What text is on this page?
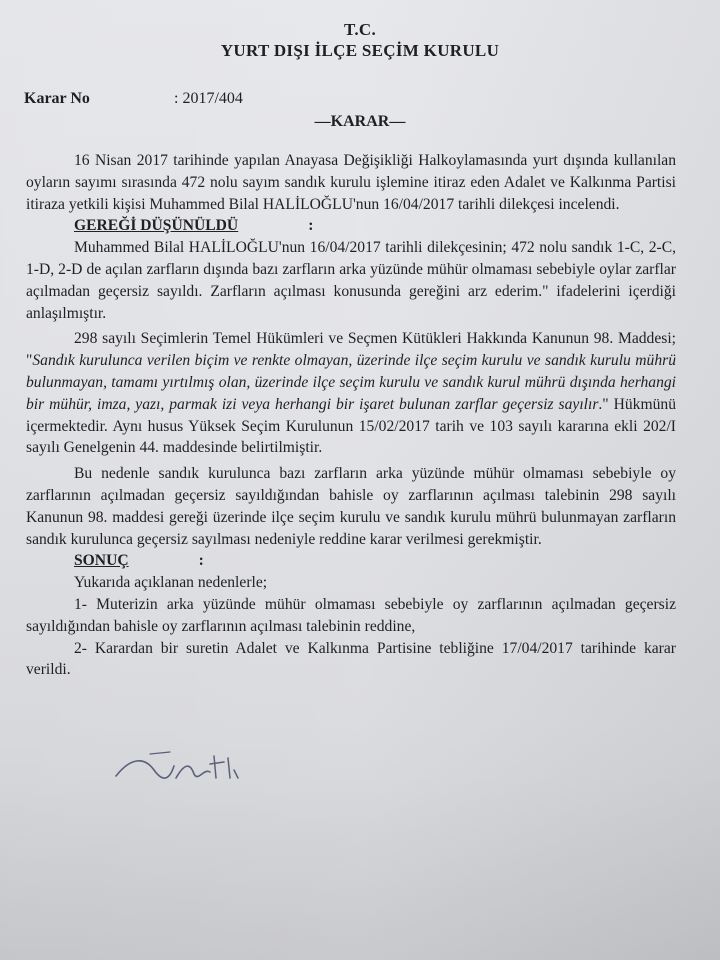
T.C.
YURT DIŞI İLÇE SEÇİM KURULU
Karar No	: 2017/404
—KARAR—

16 Nisan 2017 tarihinde yapılan Anayasa Değişikliği Halkoylamasında yurt dışında kullanılan oyların sayımı sırasında 472 nolu sayım sandık kurulu işlemine itiraz eden Adalet ve Kalkınma Partisi itiraza yetkili kişisi Muhammed Bilal HALİLOĞLU'nun 16/04/2017 tarihli dilekçesi incelendi.

GEREĞİ DÜŞÜNÜLDÜ	:

Muhammed Bilal HALİLOĞLU'nun 16/04/2017 tarihli dilekçesinin; 472 nolu sandık 1-C, 2-C, 1-D, 2-D de açılan zarfların dışında bazı zarfların arka yüzünde mühür olmaması sebebiyle oylar zarflar açılmadan geçersiz sayıldı. Zarfların açılması konusunda gereğini arz ederim." ifadelerini içerdiği anlaşılmıştır.

298 sayılı Seçimlerin Temel Hükümleri ve Seçmen Kütükleri Hakkında Kanunun 98. Maddesi; "Sandık kurulunca verilen biçim ve renkte olmayan, üzerinde ilçe seçim kurulu ve sandık kurulu mührü bulunmayan, tamamı yırtılmış olan, üzerinde ilçe seçim kurulu ve sandık kurul mührü dışında herhangi bir mühür, imza, yazı, parmak izi veya herhangi bir işaret bulunan zarflar geçersiz sayılır." Hükmünü içermektedir. Aynı husus Yüksek Seçim Kurulunun 15/02/2017 tarih ve 103 sayılı kararına ekli 202/I sayılı Genelgenin 44. maddesinde belirtilmiştir.

Bu nedenle sandık kurulunca bazı zarfların arka yüzünde mühür olmaması sebebiyle oy zarflarının açılmadan geçersiz sayıldığından bahisle oy zarflarının açılması talebinin 298 sayılı Kanunun 98. maddesi gereği üzerinde ilçe seçim kurulu ve sandık kurulu mührü bulunmayan zarfların sandık kurulunca geçersiz sayılması nedeniyle reddine karar verilmesi gerekmiştir.

SONUÇ	:

Yukarıda açıklanan nedenlerle;

1- Muterizin arka yüzünde mühür olmaması sebebiyle oy zarflarının açılmadan geçersiz sayıldığından bahisle oy zarflarının açılması talebinin reddine,

2- Karardan bir suretin Adalet ve Kalkınma Partisine tebliğine 17/04/2017 tarihinde karar verildi.
